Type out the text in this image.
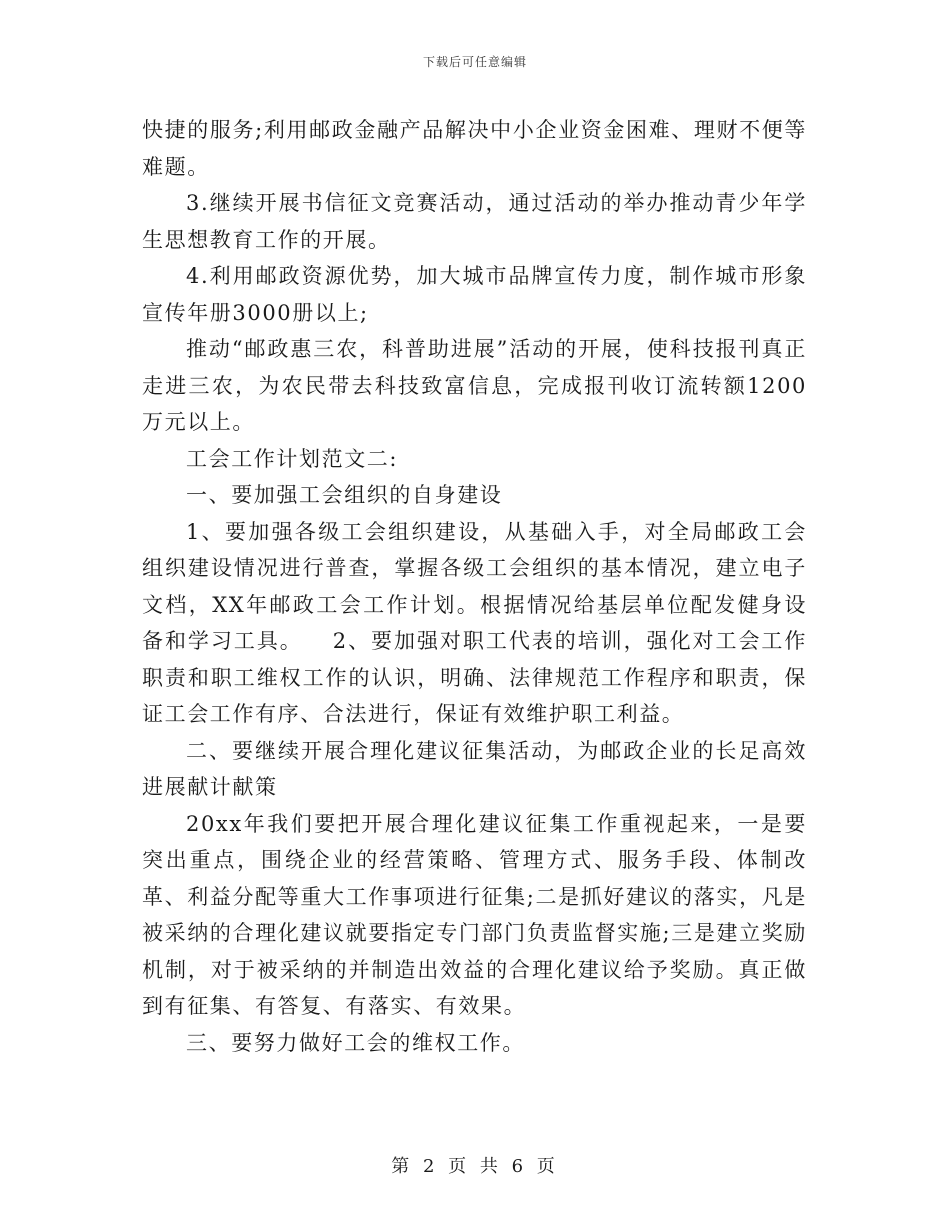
下载后可任意编辑

快捷的服务;利用邮政金融产品解决中小企业资金困难、理财不便等难题。

3.继续开展书信征文竞赛活动，通过活动的举办推动青少年学生思想教育工作的开展。

4.利用邮政资源优势，加大城市品牌宣传力度，制作城市形象宣传年册3000册以上;

推动“邮政惠三农，科普助进展”活动的开展，使科技报刊真正走进三农，为农民带去科技致富信息，完成报刊收订流转额1200万元以上。

工会工作计划范文二:

一、要加强工会组织的自身建设

1、要加强各级工会组织建设，从基础入手，对全局邮政工会组织建设情况进行普查，掌握各级工会组织的基本情况，建立电子文档，XX年邮政工会工作计划。根据情况给基层单位配发健身设备和学习工具。 2、要加强对职工代表的培训，强化对工会工作职责和职工维权工作的认识，明确、法律规范工作程序和职责，保证工会工作有序、合法进行，保证有效维护职工利益。

二、要继续开展合理化建议征集活动，为邮政企业的长足高效进展献计献策

20xx年我们要把开展合理化建议征集工作重视起来，一是要突出重点，围绕企业的经营策略、管理方式、服务手段、体制改革、利益分配等重大工作事项进行征集;二是抓好建议的落实，凡是被采纳的合理化建议就要指定专门部门负责监督实施;三是建立奖励机制，对于被采纳的并制造出效益的合理化建议给予奖励。真正做到有征集、有答复、有落实、有效果。

三、要努力做好工会的维权工作。

第 2 页 共 6 页
